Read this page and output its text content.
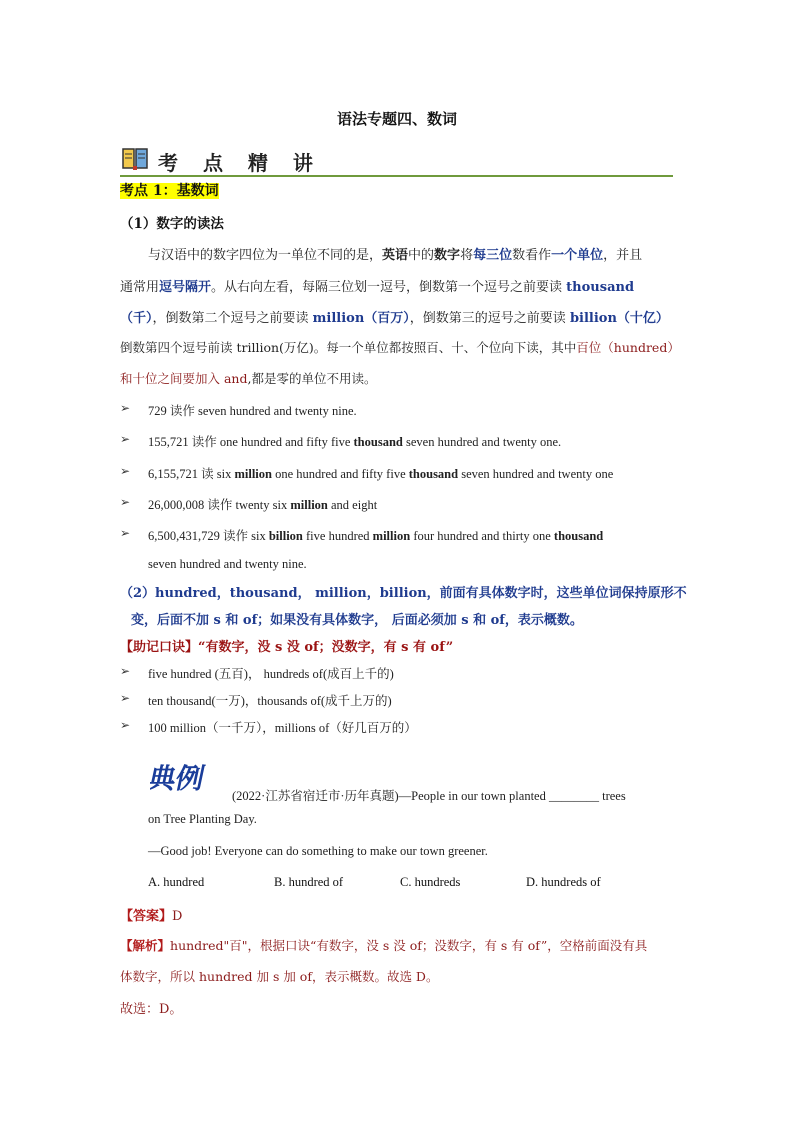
语法专题四、数词
考 点 精 讲
考点 1：基数词
（1）数字的读法
与汉语中的数字四位为一单位不同的是，英语中的数字将每三位数看作一个单位，并且
通常用逗号隔开。从右向左看，每隔三位划一逗号，倒数第一个逗号之前要读 thousand
（千），倒数第二个逗号之前要读 million（百万），倒数第三的逗号之前要读 billion（十亿）
倒数第四个逗号前读 trillion(万亿)。每一个单位都按照百、十、个位向下读，其中百位（hundred）
和十位之间要加入 and,都是零的单位不用读。
➢ 729 读作 seven hundred and twenty nine.
➢ 155,721 读作 one hundred and fifty five thousand seven hundred and twenty one.
➢ 6,155,721 读 six million one hundred and fifty five thousand seven hundred and twenty one
➢ 26,000,008 读作 twenty six million and eight
➢ 6,500,431,729 读作 six billion five hundred million four hundred and thirty one thousand
seven hundred and twenty nine.
（2）hundred，thousand， million，billion，前面有具体数字时，这些单位词保持原形不
变，后面不加 s 和 of；如果没有具体数字， 后面必须加 s 和 of，表示概数。
【助记口诀】“有数字，没 s 没 of；没数字，有 s 有 of”
➢ five hundred (五百)， hundreds of(成百上千的)
➢ ten thousand(一万)，thousands of(成千上万的)
➢ 100 million（一千万），millions of（好几百万的）
典例
(2022·江苏省宿迁市·历年真题)—People in our town planted ________ trees
on Tree Planting Day.
—Good job! Everyone can do something to make our town greener.
A. hundred	B. hundred of	C. hundreds	D. hundreds of
【答案】D
【解析】hundred"百"，根据口诀“有数字，没 s 没 of；没数字，有 s 有 of”，空格前面没有具
体数字，所以 hundred 加 s 加 of，表示概数。故选 D。
故选：D。
